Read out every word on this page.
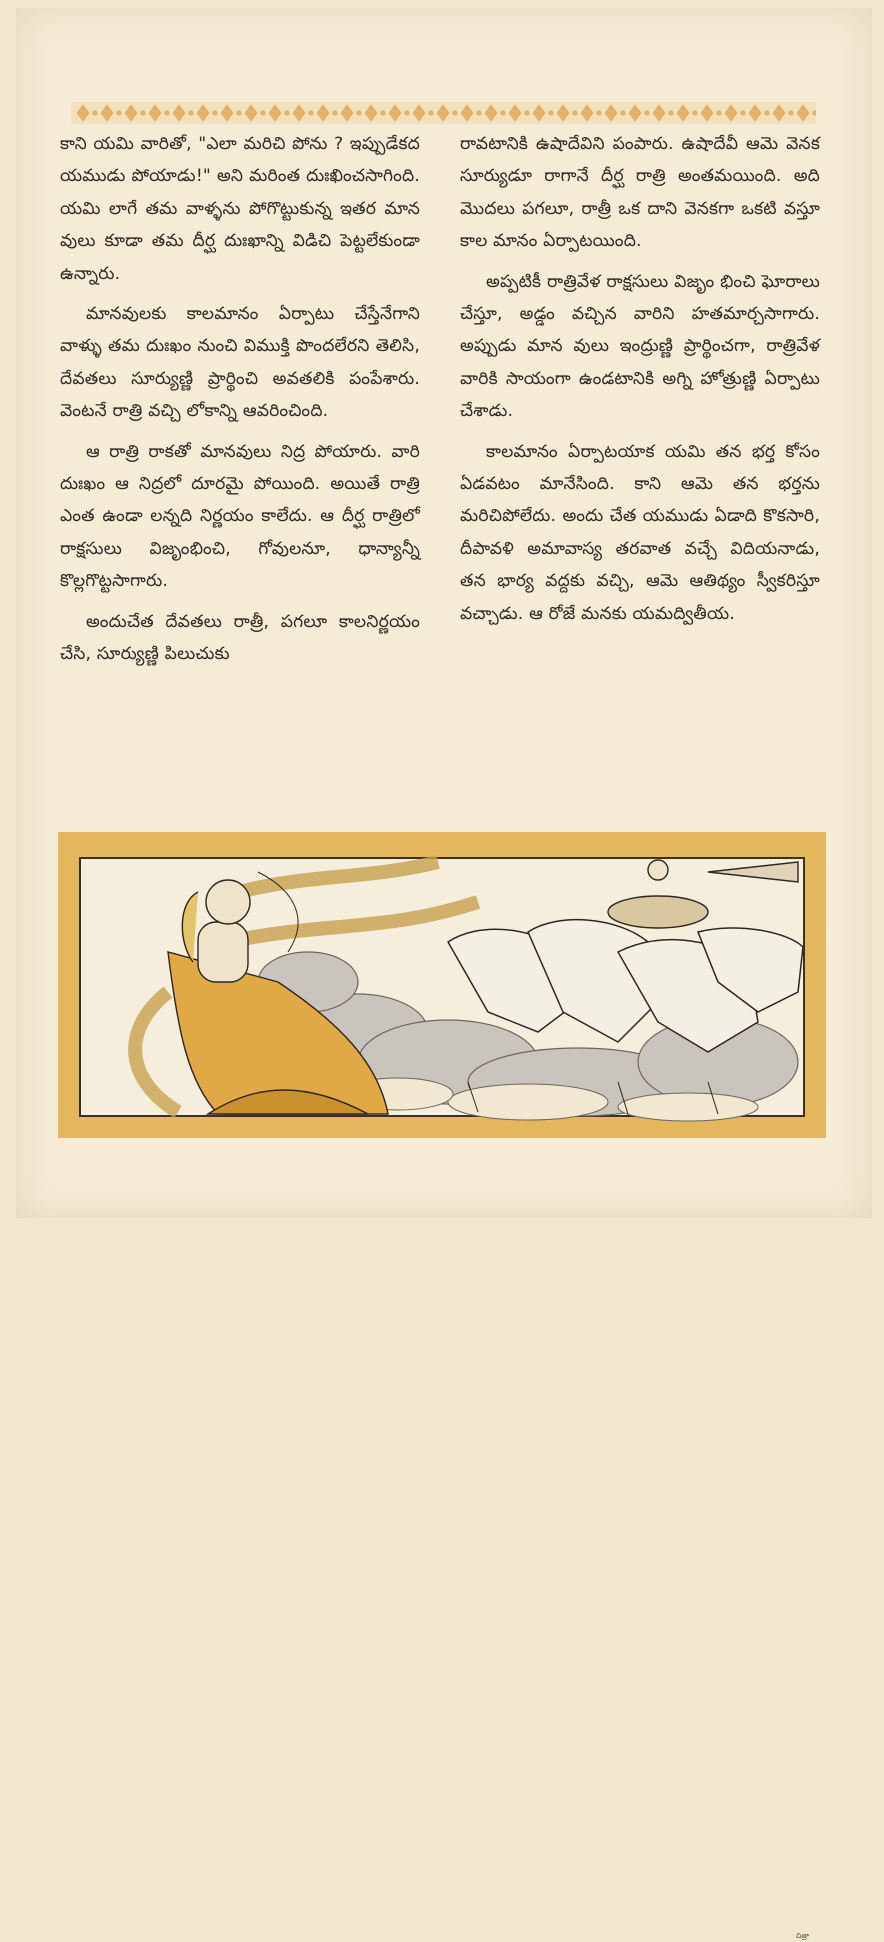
కాని యమి వారితో, "ఎలా మరిచి పోను ? ఇప్పుడేకద యముడు పోయాడు!" అని మరింత దుఃఖించసాగింది. యమి లాగే తమ వాళ్ళను పోగొట్టుకున్న ఇతర మాన వులు కూడా తమ దీర్ఘ దుఃఖాన్ని విడిచి పెట్టలేకుండా ఉన్నారు.

మానవులకు కాలమానం ఏర్పాటు చేస్తేనేగాని వాళ్ళు తమ దుఃఖం నుంచి విముక్తి పొందలేరని తెలిసి, దేవతలు సూర్యుణ్ణి ప్రార్థించి అవతలికి పంపేశారు. వెంటనే రాత్రి వచ్చి లోకాన్ని ఆవరించింది.

ఆ రాత్రి రాకతో మానవులు నిద్ర పోయారు. వారి దుఃఖం ఆ నిద్రలో దూరమై పోయింది. అయితే రాత్రి ఎంత ఉండా లన్నది నిర్ణయం కాలేదు. ఆ దీర్ఘ రాత్రిలో రాక్షసులు విజృంభించి, గోవులనూ, ధాన్యాన్నీ కొల్లగొట్టసాగారు.

అందుచేత దేవతలు రాత్రీ, పగలూ కాలనిర్ణయం చేసి, సూర్యుణ్ణి పిలుచుకు

రావటానికి ఉషాదేవిని పంపారు. ఉషాదేవీ ఆమె వెనక సూర్యుడూ రాగానే దీర్ఘ రాత్రి అంతమయింది. అది మొదలు పగలూ, రాత్రీ ఒక దాని వెనకగా ఒకటి వస్తూ కాల మానం ఏర్పాటయింది.

అప్పటికీ రాత్రివేళ రాక్షసులు విజృం భించి ఘోరాలు చేస్తూ, అడ్డం వచ్చిన వారిని హతమార్చసాగారు. అప్పుడు మాన వులు ఇంద్రుణ్ణి ప్రార్థించగా, రాత్రివేళ వారికి సాయంగా ఉండటానికి అగ్ని హోత్రుణ్ణి ఏర్పాటు చేశాడు.

కాలమానం ఏర్పాటయాక యమి తన భర్త కోసం ఏడవటం మానేసింది. కాని ఆమె తన భర్తను మరిచిపోలేదు. అందు చేత యముడు ఏడాది కొకసారి, దీపావళి అమావాస్య తరవాత వచ్చే విదియనాడు, తన భార్య వద్దకు వచ్చి, ఆమె ఆతిథ్యం స్వీకరిస్తూ వచ్చాడు. ఆ రోజే మనకు యమద్వితీయ.

చిత్రా
